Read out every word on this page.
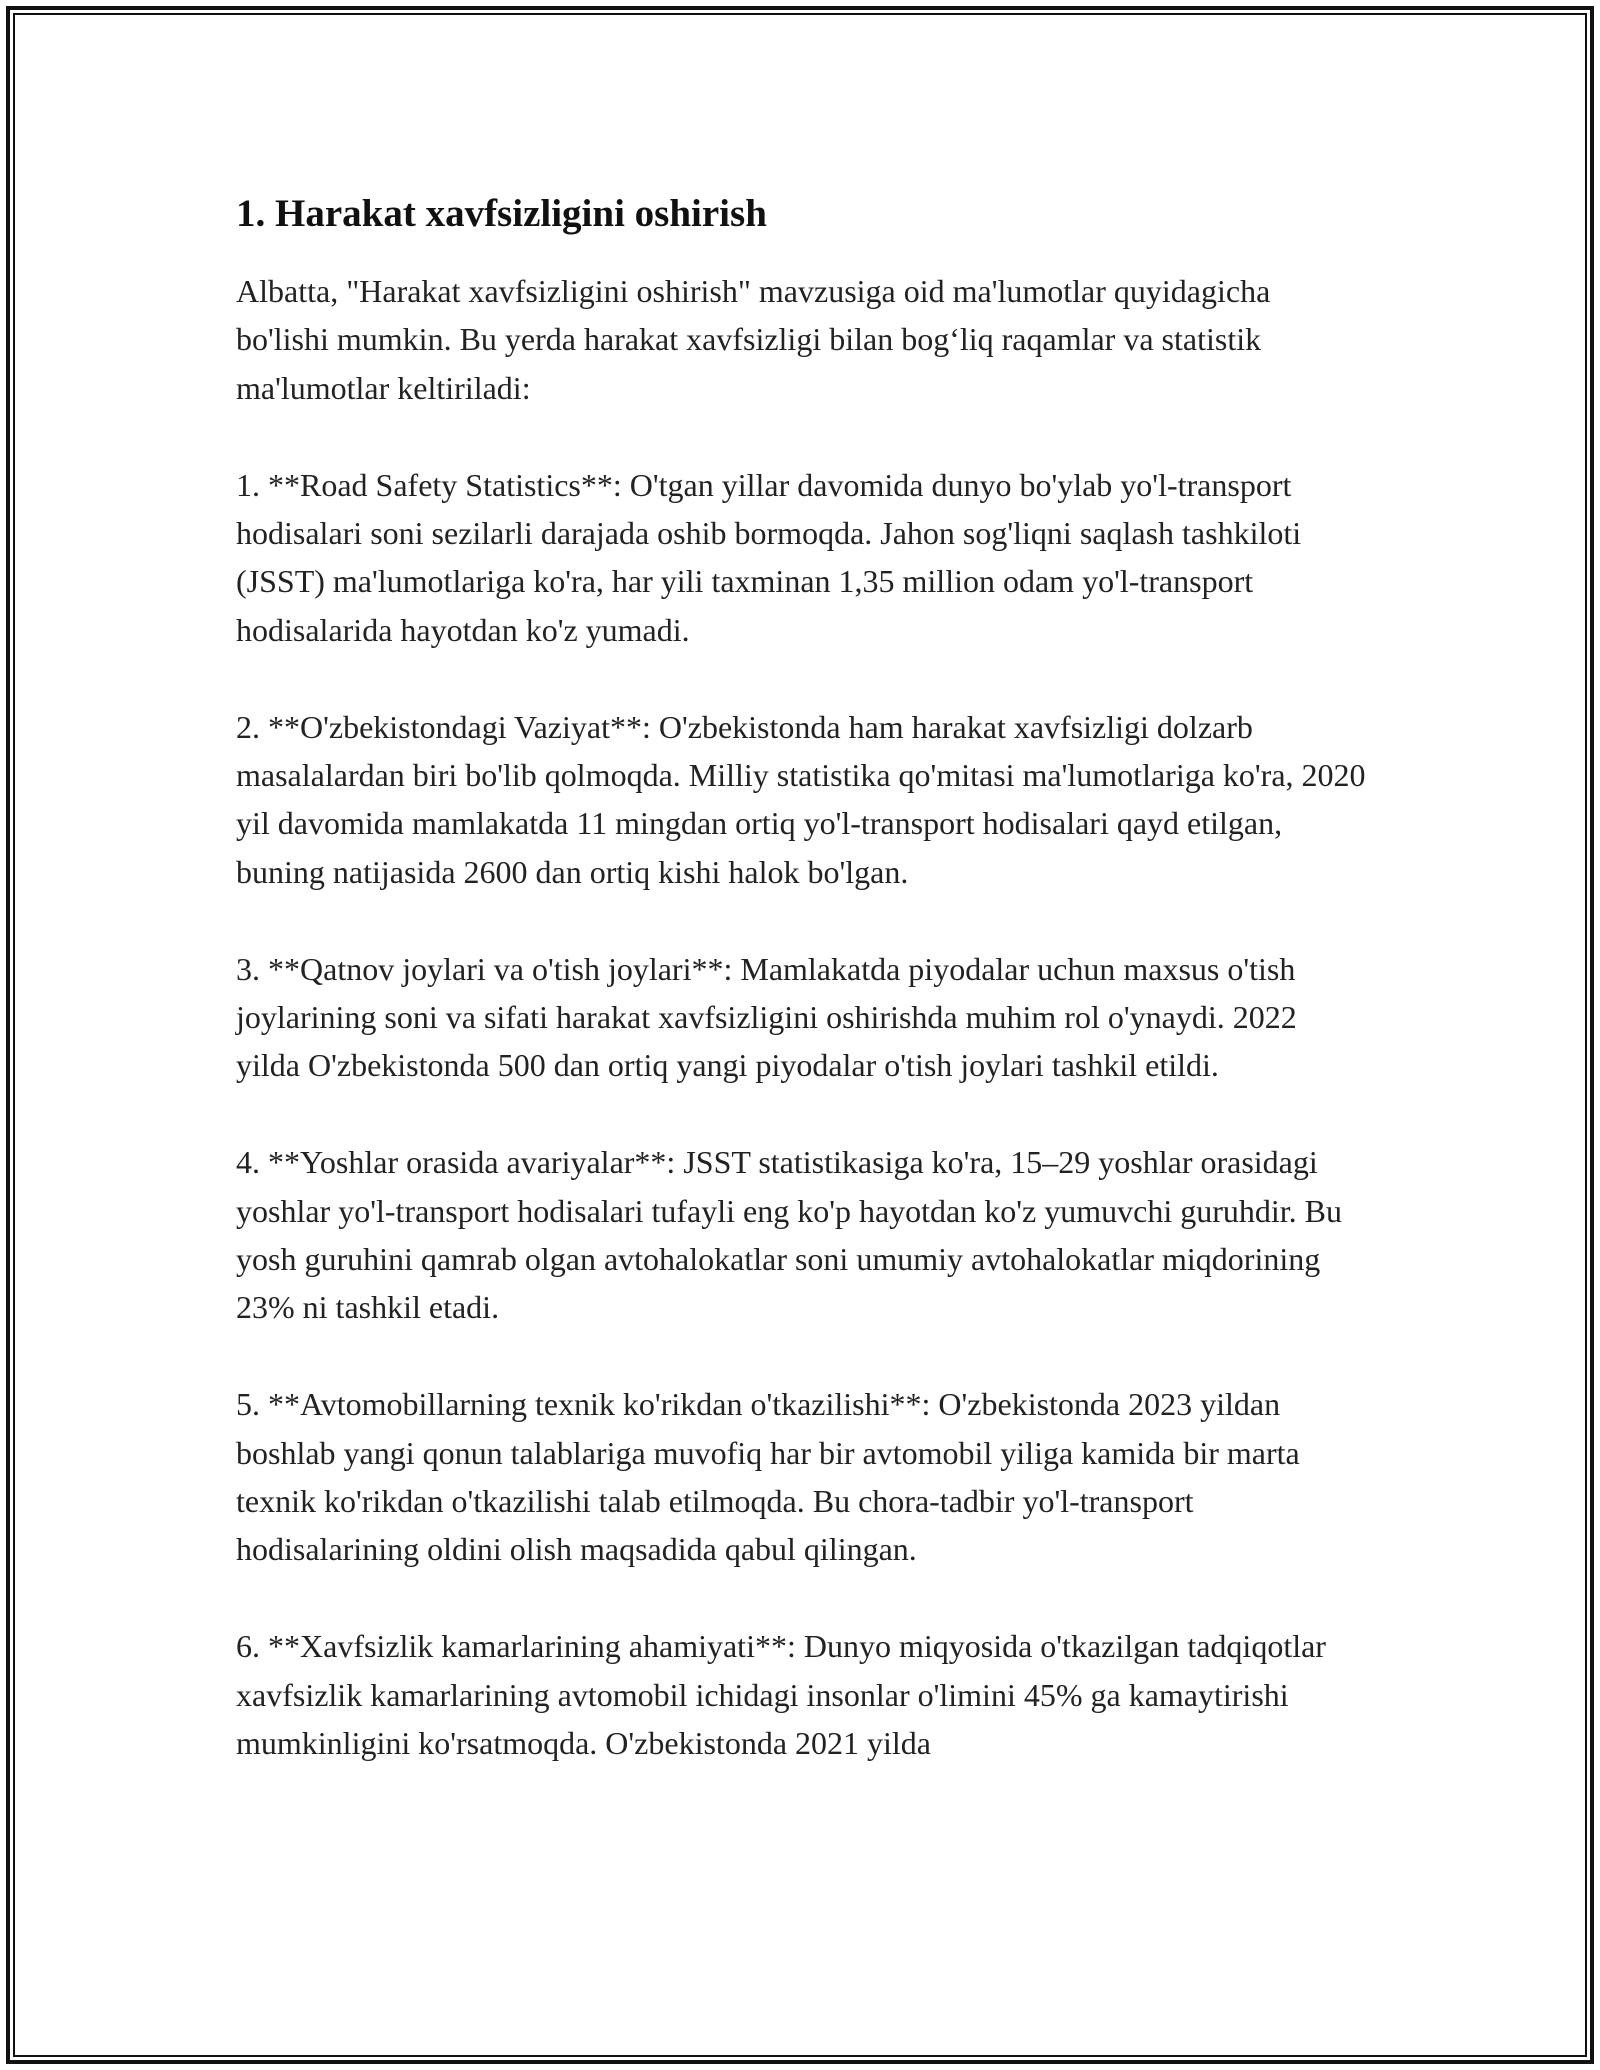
1. Harakat xavfsizligini oshirish

Albatta, "Harakat xavfsizligini oshirish" mavzusiga oid ma'lumotlar quyidagicha bo'lishi mumkin. Bu yerda harakat xavfsizligi bilan bog‘liq raqamlar va statistik ma'lumotlar keltiriladi:

1. **Road Safety Statistics**: O'tgan yillar davomida dunyo bo'ylab yo'l-transport hodisalari soni sezilarli darajada oshib bormoqda. Jahon sog'liqni saqlash tashkiloti (JSST) ma'lumotlariga ko'ra, har yili taxminan 1,35 million odam yo'l-transport hodisalarida hayotdan ko'z yumadi.

2. **O'zbekistondagi Vaziyat**: O'zbekistonda ham harakat xavfsizligi dolzarb masalalardan biri bo'lib qolmoqda. Milliy statistika qo'mitasi ma'lumotlariga ko'ra, 2020 yil davomida mamlakatda 11 mingdan ortiq yo'l-transport hodisalari qayd etilgan, buning natijasida 2600 dan ortiq kishi halok bo'lgan.

3. **Qatnov joylari va o'tish joylari**: Mamlakatda piyodalar uchun maxsus o'tish joylarining soni va sifati harakat xavfsizligini oshirishda muhim rol o'ynaydi. 2022 yilda O'zbekistonda 500 dan ortiq yangi piyodalar o'tish joylari tashkil etildi.

4. **Yoshlar orasida avariyalar**: JSST statistikasiga ko'ra, 15–29 yoshlar orasidagi yoshlar yo'l-transport hodisalari tufayli eng ko'p hayotdan ko'z yumuvchi guruhdir. Bu yosh guruhini qamrab olgan avtohalokatlar soni umumiy avtohalokatlar miqdorining 23% ni tashkil etadi.

5. **Avtomobillarning texnik ko'rikdan o'tkazilishi**: O'zbekistonda 2023 yildan boshlab yangi qonun talablariga muvofiq har bir avtomobil yiliga kamida bir marta texnik ko'rikdan o'tkazilishi talab etilmoqda. Bu chora-tadbir yo'l-transport hodisalarining oldini olish maqsadida qabul qilingan.

6. **Xavfsizlik kamarlarining ahamiyati**: Dunyo miqyosida o'tkazilgan tadqiqotlar xavfsizlik kamarlarining avtomobil ichidagi insonlar o'limini 45% ga kamaytirishi mumkinligini ko'rsatmoqda. O'zbekistonda 2021 yilda
